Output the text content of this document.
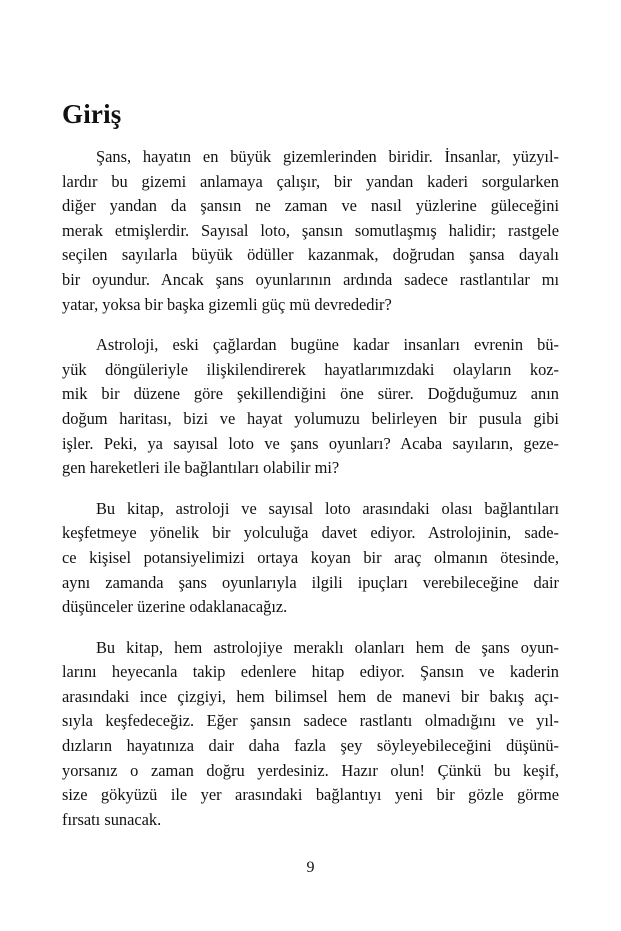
Giriş

Şans, hayatın en büyük gizemlerinden biridir. İnsanlar, yüzyıl-
lardır bu gizemi anlamaya çalışır, bir yandan kaderi sorgularken
diğer yandan da şansın ne zaman ve nasıl yüzlerine güleceğini
merak etmişlerdir. Sayısal loto, şansın somutlaşmış halidir; rastgele
seçilen sayılarla büyük ödüller kazanmak, doğrudan şansa dayalı
bir oyundur. Ancak şans oyunlarının ardında sadece rastlantılar mı
yatar, yoksa bir başka gizemli güç mü devrededir?

Astroloji, eski çağlardan bugüne kadar insanları evrenin bü-
yük döngüleriyle ilişkilendirerek hayatlarımızdaki olayların koz-
mik bir düzene göre şekillendiğini öne sürer. Doğduğumuz anın
doğum haritası, bizi ve hayat yolumuzu belirleyen bir pusula gibi
işler. Peki, ya sayısal loto ve şans oyunları? Acaba sayıların, geze-
gen hareketleri ile bağlantıları olabilir mi?

Bu kitap, astroloji ve sayısal loto arasındaki olası bağlantıları
keşfetmeye yönelik bir yolculuğa davet ediyor. Astrolojinin, sade-
ce kişisel potansiyelimizi ortaya koyan bir araç olmanın ötesinde,
aynı zamanda şans oyunlarıyla ilgili ipuçları verebileceğine dair
düşünceler üzerine odaklanacağız.

Bu kitap, hem astrolojiye meraklı olanları hem de şans oyun-
larını heyecanla takip edenlere hitap ediyor. Şansın ve kaderin
arasındaki ince çizgiyi, hem bilimsel hem de manevi bir bakış açı-
sıyla keşfedeceğiz. Eğer şansın sadece rastlantı olmadığını ve yıl-
dızların hayatınıza dair daha fazla şey söyleyebileceğini düşünü-
yorsanız o zaman doğru yerdesiniz. Hazır olun! Çünkü bu keşif,
size gökyüzü ile yer arasındaki bağlantıyı yeni bir gözle görme
fırsatı sunacak.

9
